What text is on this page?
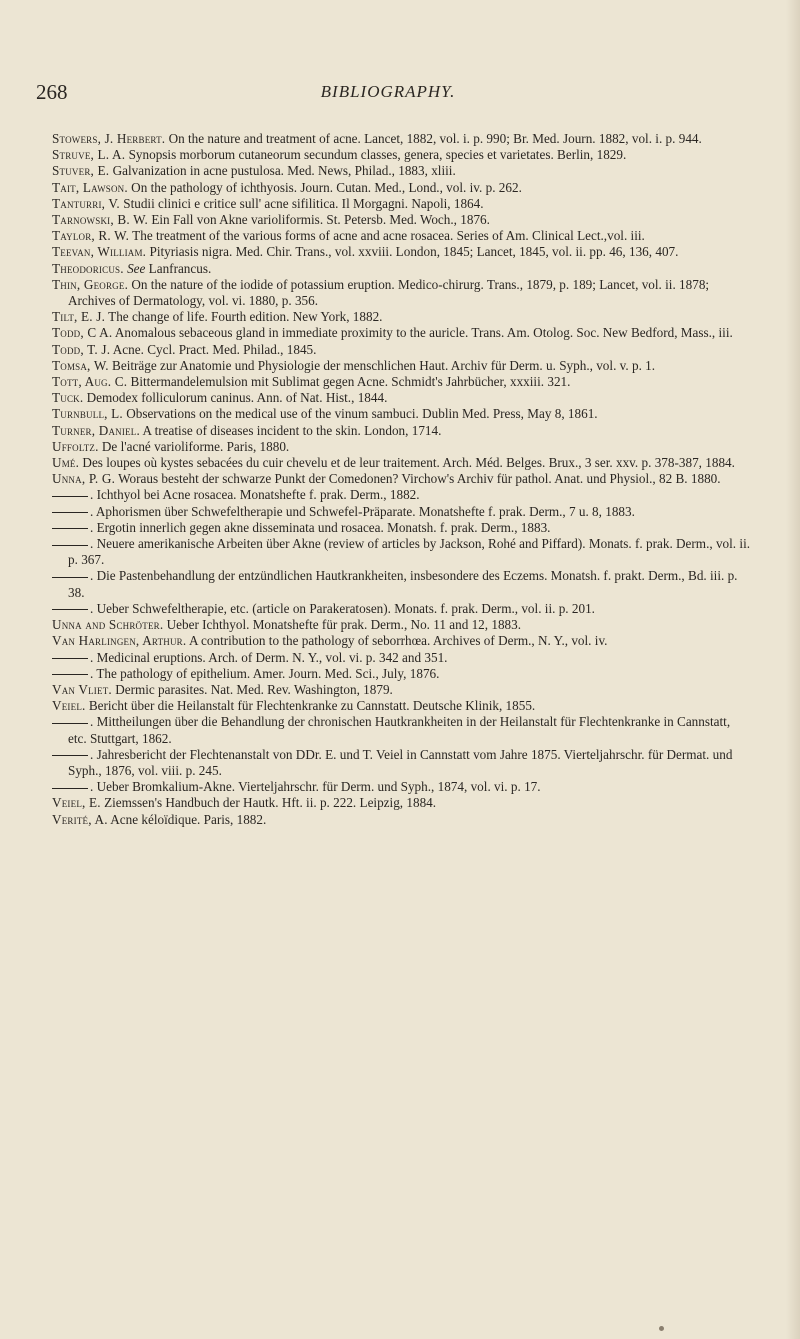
268	BIBLIOGRAPHY.
Stowers, J. Herbert. On the nature and treatment of acne. Lancet, 1882, vol. i. p. 990; Br. Med. Journ. 1882, vol. i. p. 944.
Struve, L. A. Synopsis morborum cutaneorum secundum classes, genera, species et varietates. Berlin, 1829.
Stuver, E. Galvanization in acne pustulosa. Med. News, Philad., 1883, xliii.
Tait, Lawson. On the pathology of ichthyosis. Journ. Cutan. Med., Lond., vol. iv. p. 262.
Tanturri, V. Studii clinici e critice sull' acne sifilitica. Il Morgagni. Napoli, 1864.
Tarnowski, B. W. Ein Fall von Akne varioliformis. St. Petersb. Med. Woch., 1876.
Taylor, R. W. The treatment of the various forms of acne and acne rosacea. Series of Am. Clinical Lect.,vol. iii.
Teevan, William. Pityriasis nigra. Med. Chir. Trans., vol. xxviii. London, 1845; Lancet, 1845, vol. ii. pp. 46, 136, 407.
Theodoricus. See Lanfrancus.
Thin, George. On the nature of the iodide of potassium eruption. Medico-chirurg. Trans., 1879, p. 189; Lancet, vol. ii. 1878; Archives of Dermatology, vol. vi. 1880, p. 356.
Tilt, E. J. The change of life. Fourth edition. New York, 1882.
Todd, C A. Anomalous sebaceous gland in immediate proximity to the auricle. Trans. Am. Otolog. Soc. New Bedford, Mass., iii.
Todd, T. J. Acne. Cycl. Pract. Med. Philad., 1845.
Tomsa, W. Beiträge zur Anatomie und Physiologie der menschlichen Haut. Archiv für Derm. u. Syph., vol. v. p. 1.
Tott, Aug. C. Bittermandelemulsion mit Sublimat gegen Acne. Schmidt's Jahrbücher, xxxiii. 321.
Tuck. Demodex folliculorum caninus. Ann. of Nat. Hist., 1844.
Turnbull, L. Observations on the medical use of the vinum sambuci. Dublin Med. Press, May 8, 1861.
Turner, Daniel. A treatise of diseases incident to the skin. London, 1714.
Uffoltz. De l'acné varioliforme. Paris, 1880.
Umé. Des loupes où kystes sebacées du cuir chevelu et de leur traitement. Arch. Méd. Belges. Brux., 3 ser. xxv. p. 378-387, 1884.
Unna, P. G. Woraus besteht der schwarze Punkt der Comedonen? Virchow's Archiv für pathol. Anat. und Physiol., 82 B. 1880.
. Ichthyol bei Acne rosacea. Monatshefte f. prak. Derm., 1882.
. Aphorismen über Schwefeltherapie und Schwefel-Präparate. Monatshefte f. prak. Derm., 7 u. 8, 1883.
. Ergotin innerlich gegen akne disseminata und rosacea. Monatsh. f. prak. Derm., 1883.
. Neuere amerikanische Arbeiten über Akne (review of articles by Jackson, Rohé and Piffard). Monats. f. prak. Derm., vol. ii. p. 367.
. Die Pastenbehandlung der entzündlichen Hautkrankheiten, insbesondere des Eczems. Monatsh. f. prakt. Derm., Bd. iii. p. 38.
. Ueber Schwefeltherapie, etc. (article on Parakeratosen). Monats. f. prak. Derm., vol. ii. p. 201.
Unna and Schröter. Ueber Ichthyol. Monatshefte für prak. Derm., No. 11 and 12, 1883.
Van Harlingen, Arthur. A contribution to the pathology of seborrhœa. Archives of Derm., N. Y., vol. iv.
. Medicinal eruptions. Arch. of Derm. N. Y., vol. vi. p. 342 and 351.
. The pathology of epithelium. Amer. Journ. Med. Sci., July, 1876.
Van Vliet. Dermic parasites. Nat. Med. Rev. Washington, 1879.
Veiel. Bericht über die Heilanstalt für Flechtenkranke zu Cannstatt. Deutsche Klinik, 1855.
. Mittheilungen über die Behandlung der chronischen Hautkrankheiten in der Heilanstalt für Flechtenkranke in Cannstatt, etc. Stuttgart, 1862.
. Jahresbericht der Flechtenanstalt von DDr. E. und T. Veiel in Cannstatt vom Jahre 1875. Vierteljahrschr. für Dermat. und Syph., 1876, vol. viii. p. 245.
. Ueber Bromkalium-Akne. Vierteljahrschr. für Derm. und Syph., 1874, vol. vi. p. 17.
Veiel, E. Ziemssen's Handbuch der Hautk. Hft. ii. p. 222. Leipzig, 1884.
Verité, A. Acne kéloïdique. Paris, 1882.
